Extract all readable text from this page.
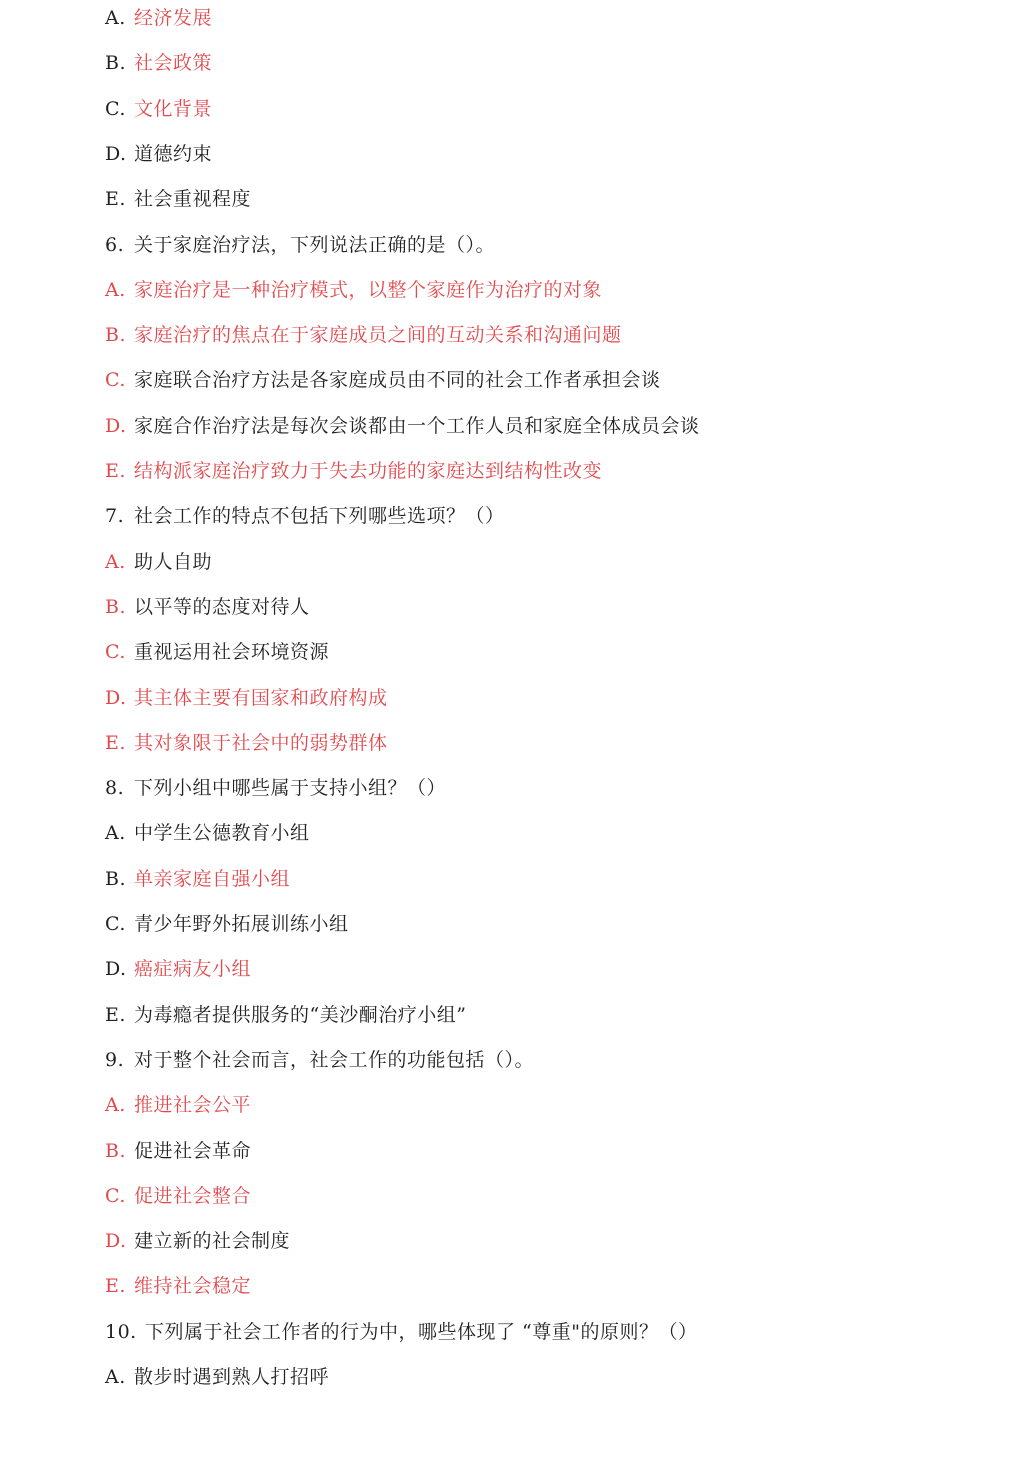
A. 经济发展
B. 社会政策
C. 文化背景
D. 道德约束
E. 社会重视程度
6. 关于家庭治疗法，下列说法正确的是（）。
A. 家庭治疗是一种治疗模式，以整个家庭作为治疗的对象
B. 家庭治疗的焦点在于家庭成员之间的互动关系和沟通问题
C. 家庭联合治疗方法是各家庭成员由不同的社会工作者承担会谈
D. 家庭合作治疗法是每次会谈都由一个工作人员和家庭全体成员会谈
E. 结构派家庭治疗致力于失去功能的家庭达到结构性改变
7. 社会工作的特点不包括下列哪些选项？（）
A. 助人自助
B. 以平等的态度对待人
C. 重视运用社会环境资源
D. 其主体主要有国家和政府构成
E. 其对象限于社会中的弱势群体
8. 下列小组中哪些属于支持小组？（）
A. 中学生公德教育小组
B. 单亲家庭自强小组
C. 青少年野外拓展训练小组
D. 癌症病友小组
E. 为毒瘾者提供服务的“美沙酮治疗小组”
9. 对于整个社会而言，社会工作的功能包括（）。
A. 推进社会公平
B. 促进社会革命
C. 促进社会整合
D. 建立新的社会制度
E. 维持社会稳定
10. 下列属于社会工作者的行为中，哪些体现了 “尊重"的原则？（）
A. 散步时遇到熟人打招呼
